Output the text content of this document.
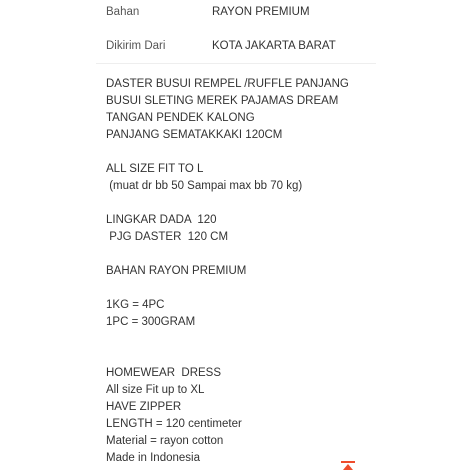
Bahan	RAYON PREMIUM
Dikirim Dari	KOTA JAKARTA BARAT
DASTER BUSUI REMPEL /RUFFLE PANJANG
BUSUI SLETING MEREK PAJAMAS DREAM
TANGAN PENDEK KALONG
PANJANG SEMATAKKAKI 120CM
ALL SIZE FIT TO L
(muat dr bb 50 Sampai max bb 70 kg)
LINGKAR DADA  120
PJG DASTER  120 CM
BAHAN RAYON PREMIUM
1KG = 4PC
1PC = 300GRAM
HOMEWEAR  DRESS
All size Fit up to XL
HAVE ZIPPER
LENGTH = 120 centimeter
Material = rayon cotton
Made in Indonesia
